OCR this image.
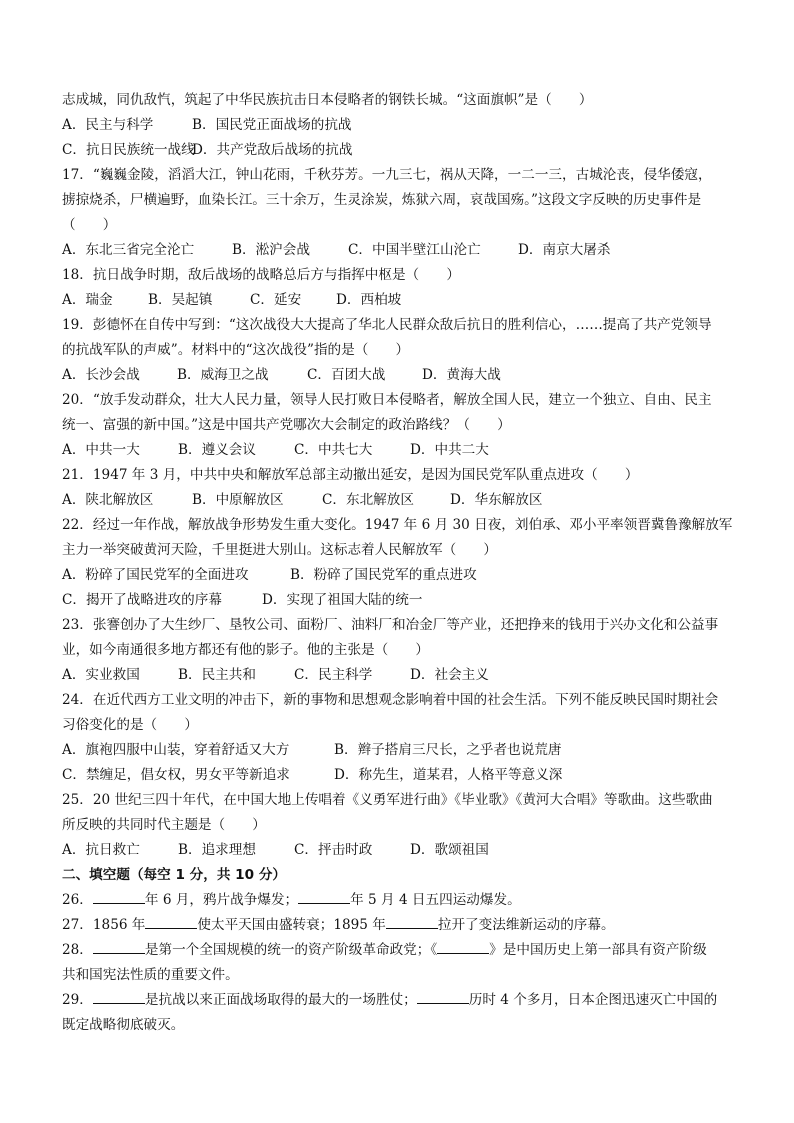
志成城，同仇敌忾，筑起了中华民族抗击日本侵略者的钢铁长城。“这面旗帜”是（　　）
A．民主与科学	B．国民党正面战场的抗战
C．抗日民族统一战线D．共产党敌后战场的抗战
17．“巍巍金陵，滔滔大江，钟山花雨，千秋芬芳。一九三七，祸从天降，一二一三，古城沦丧，侵华倭寇，
掳掠烧杀，尸横遍野，血染长江。三十余万，生灵涂炭，炼狱六周，哀哉国殇。”这段文字反映的历史事件是
（　　）
A．东北三省完全沦亡	B．淞沪会战	C．中国半壁江山沦亡	D．南京大屠杀
18．抗日战争时期，敌后战场的战略总后方与指挥中枢是（　　）
A．瑞金	B．吴起镇	C．延安	D．西柏坡
19．彭德怀在自传中写到：“这次战役大大提高了华北人民群众敌后抗日的胜利信心，……提高了共产党领导
的抗战军队的声威”。材料中的“这次战役”指的是（　　）
A．长沙会战	B．威海卫之战	C．百团大战	D．黄海大战
20．“放手发动群众，壮大人民力量，领导人民打败日本侵略者，解放全国人民，建立一个独立、自由、民主
统一、富强的新中国。”这是中国共产党哪次大会制定的政治路线？（　　）
A．中共一大	B．遵义会议	C．中共七大	D．中共二大
21．1947 年 3 月，中共中央和解放军总部主动撤出延安，是因为国民党军队重点进攻（　　）
A．陕北解放区	B．中原解放区	C．东北解放区	D．华东解放区
22．经过一年作战，解放战争形势发生重大变化。1947 年 6 月 30 日夜，刘伯承、邓小平率领晋冀鲁豫解放军
主力一举突破黄河天险，千里挺进大别山。这标志着人民解放军（　　）
A．粉碎了国民党军的全面进攻	B．粉碎了国民党军的重点进攻
C．揭开了战略进攻的序幕	D．实现了祖国大陆的统一
23．张謇创办了大生纱厂、垦牧公司、面粉厂、油料厂和冶金厂等产业，还把挣来的钱用于兴办文化和公益事
业，如今南通很多地方都还有他的影子。他的主张是（　　）
A．实业救国	B．民主共和	C．民主科学	D．社会主义
24．在近代西方工业文明的冲击下，新的事物和思想观念影响着中国的社会生活。下列不能反映民国时期社会
习俗变化的是（　　）
A．旗袍四服中山装，穿着舒适又大方	B．辫子搭肩三尺长，之乎者也说荒唐
C．禁缠足，倡女权，男女平等新追求	D．称先生，道某君，人格平等意义深
25．20 世纪三四十年代，在中国大地上传唱着《义勇军进行曲》《毕业歌》《黄河大合唱》等歌曲。这些歌曲
所反映的共同时代主题是（　　）
A．抗日救亡	B．追求理想	C．抨击时政	D．歌颂祖国
二、填空题（每空 1 分，共 10 分）
26．	年 6 月，鸦片战争爆发；	年 5 月 4 日五四运动爆发。
27．1856 年	使太平天国由盛转衰；1895 年	拉开了变法维新运动的序幕。
28．	是第一个全国规模的统一的资产阶级革命政党；《	》是中国历史上第一部具有资产阶级
共和国宪法性质的重要文件。
29．	是抗战以来正面战场取得的最大的一场胜仗；	历时 4 个多月，日本企图迅速灭亡中国的
既定战略彻底破灭。
